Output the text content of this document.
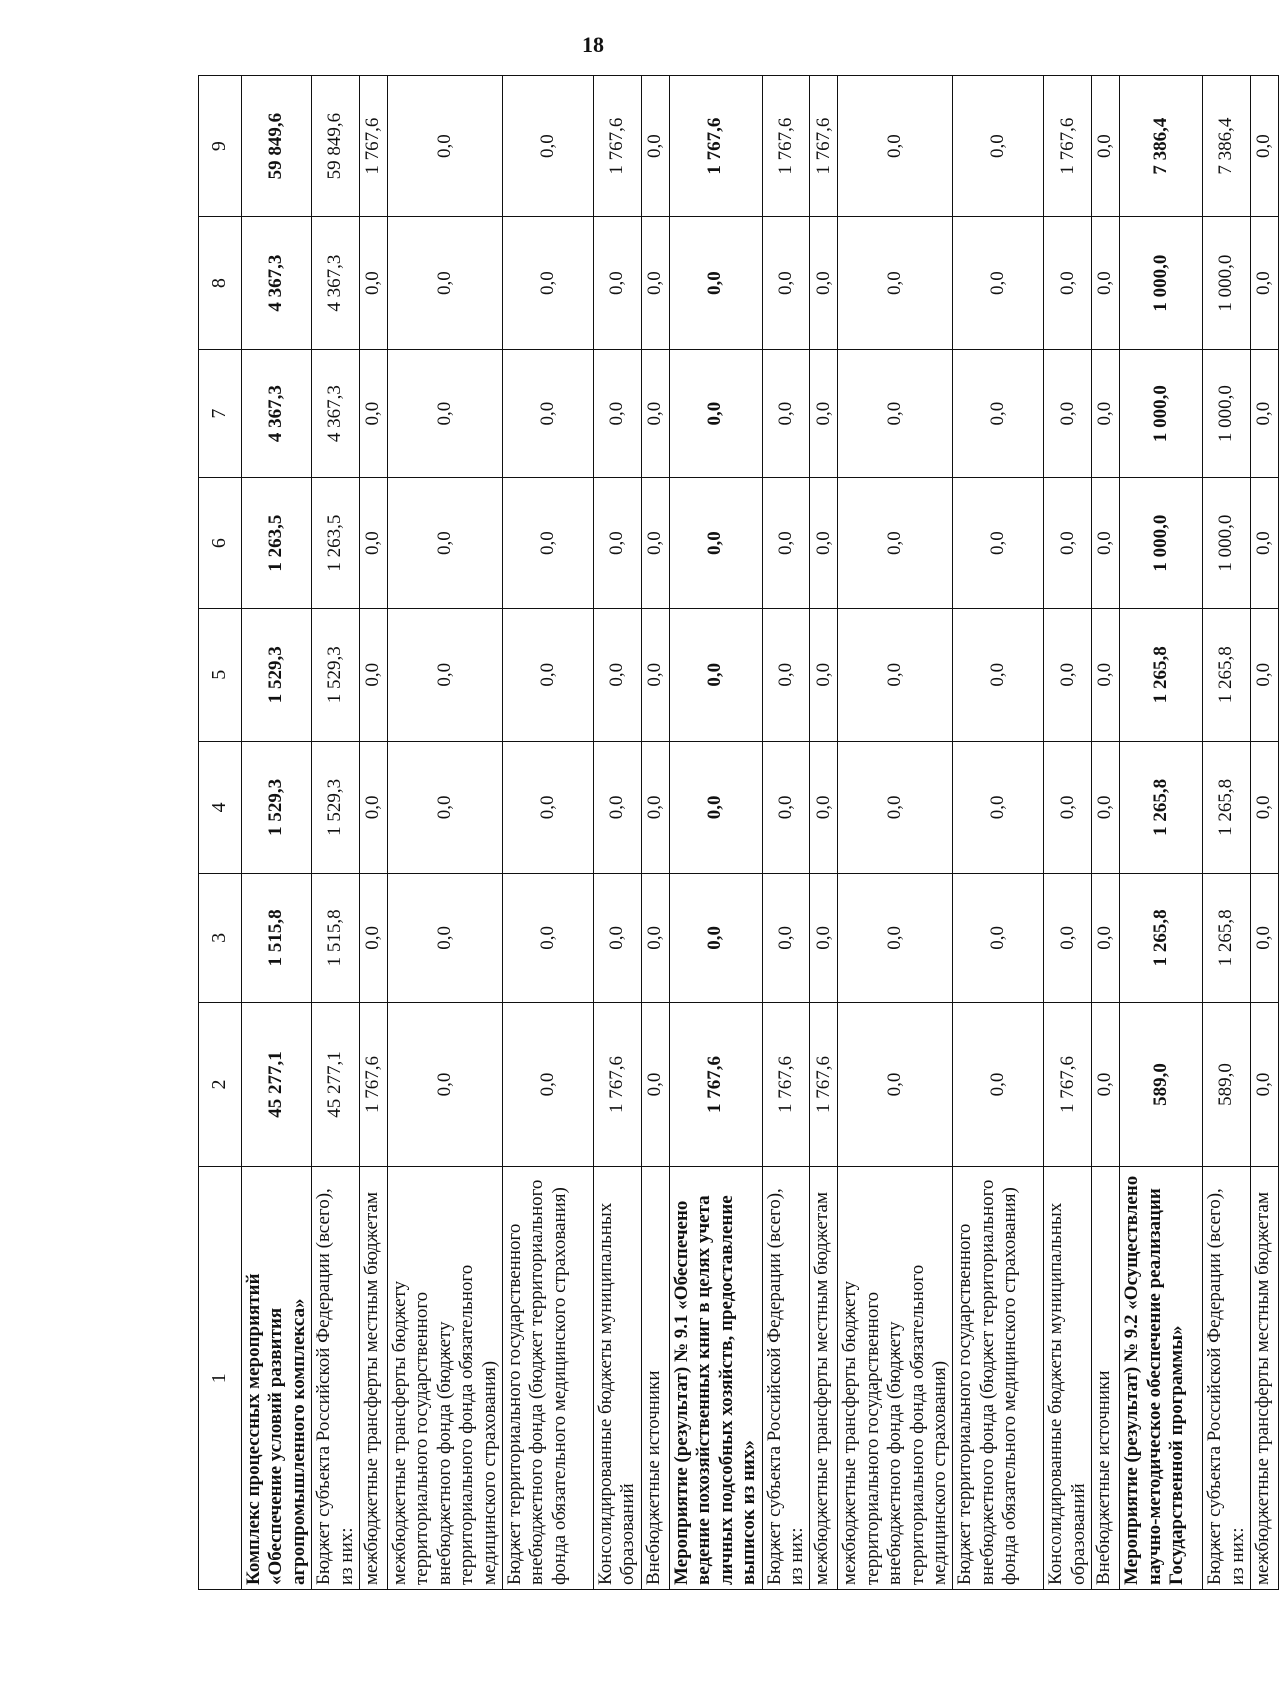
18
1	2	3	4	5	6	7	8	9
Комплекс процессных мероприятий «Обеспечение условий развития агропромышленного комплекса»	45 277,1	1 515,8	1 529,3	1 529,3	1 263,5	4 367,3	4 367,3	59 849,6
Бюджет субъекта Российской Федерации (всего), из них:	45 277,1	1 515,8	1 529,3	1 529,3	1 263,5	4 367,3	4 367,3	59 849,6
межбюджетные трансферты местным бюджетам	1 767,6	0,0	0,0	0,0	0,0	0,0	0,0	1 767,6
межбюджетные трансферты бюджету территориального государственного внебюджетного фонда (бюджету территориального фонда обязательного медицинского страхования)	0,0	0,0	0,0	0,0	0,0	0,0	0,0	0,0
Бюджет территориального государственного внебюджетного фонда (бюджет территориального фонда обязательного медицинского страхования)	0,0	0,0	0,0	0,0	0,0	0,0	0,0	0,0
Консолидированные бюджеты муниципальных образований	1 767,6	0,0	0,0	0,0	0,0	0,0	0,0	1 767,6
Внебюджетные источники	0,0	0,0	0,0	0,0	0,0	0,0	0,0	0,0
Мероприятие (результат) № 9.1 «Обеспечено ведение похозяйственных книг в целях учета личных подсобных хозяйств, предоставление выписок из них»	1 767,6	0,0	0,0	0,0	0,0	0,0	0,0	1 767,6
Бюджет субъекта Российской Федерации (всего), из них:	1 767,6	0,0	0,0	0,0	0,0	0,0	0,0	1 767,6
межбюджетные трансферты местным бюджетам	1 767,6	0,0	0,0	0,0	0,0	0,0	0,0	1 767,6
межбюджетные трансферты бюджету территориального государственного внебюджетного фонда (бюджету территориального фонда обязательного медицинского страхования)	0,0	0,0	0,0	0,0	0,0	0,0	0,0	0,0
Бюджет территориального государственного внебюджетного фонда (бюджет территориального фонда обязательного медицинского страхования)	0,0	0,0	0,0	0,0	0,0	0,0	0,0	0,0
Консолидированные бюджеты муниципальных образований	1 767,6	0,0	0,0	0,0	0,0	0,0	0,0	1 767,6
Внебюджетные источники	0,0	0,0	0,0	0,0	0,0	0,0	0,0	0,0
Мероприятие (результат) № 9.2 «Осуществлено научно-методическое обеспечение реализации Государственной программы»	589,0	1 265,8	1 265,8	1 265,8	1 000,0	1 000,0	1 000,0	7 386,4
Бюджет субъекта Российской Федерации (всего), из них:	589,0	1 265,8	1 265,8	1 265,8	1 000,0	1 000,0	1 000,0	7 386,4
межбюджетные трансферты местным бюджетам	0,0	0,0	0,0	0,0	0,0	0,0	0,0	0,0
